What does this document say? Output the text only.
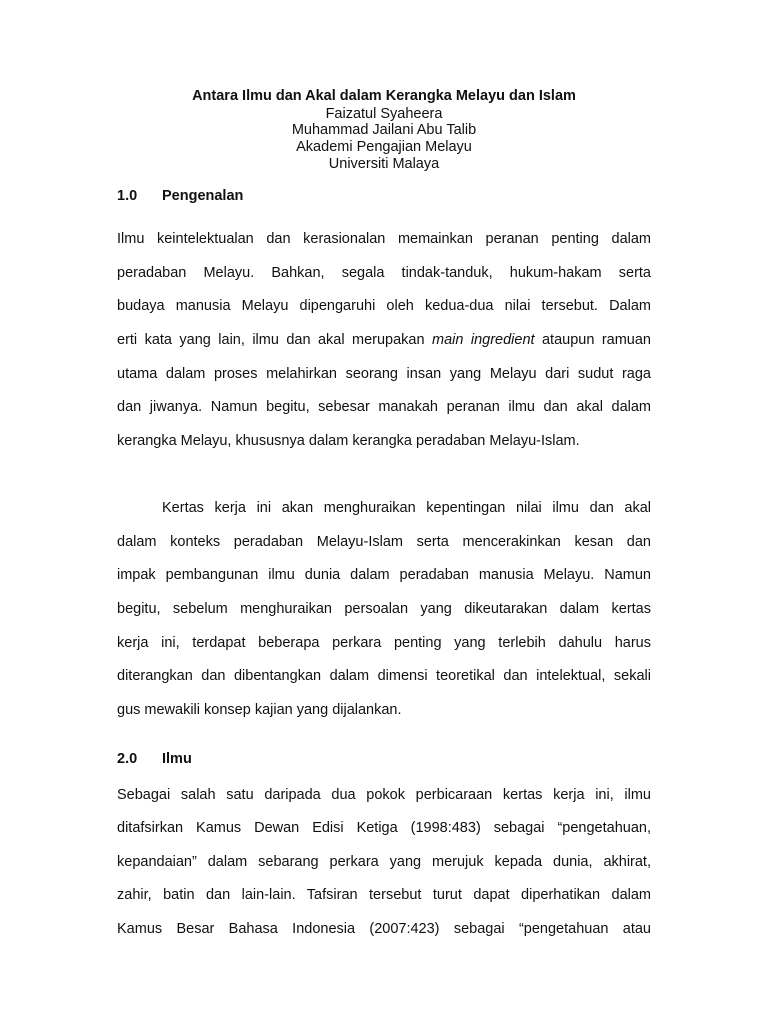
Antara Ilmu dan Akal dalam Kerangka Melayu dan Islam
Faizatul Syaheera
Muhammad Jailani Abu Talib
Akademi Pengajian Melayu
Universiti Malaya
1.0 Pengenalan
Ilmu keintelektualan dan kerasionalan memainkan peranan penting dalam
peradaban Melayu. Bahkan, segala tindak-tanduk, hukum-hakam serta
budaya manusia Melayu dipengaruhi oleh kedua-dua nilai tersebut. Dalam
erti kata yang lain, ilmu dan akal merupakan main ingredient ataupun ramuan
utama dalam proses melahirkan seorang insan yang Melayu dari sudut raga
dan jiwanya. Namun begitu, sebesar manakah peranan ilmu dan akal dalam
kerangka Melayu, khususnya dalam kerangka peradaban Melayu-Islam.
Kertas kerja ini akan menghuraikan kepentingan nilai ilmu dan akal
dalam konteks peradaban Melayu-Islam serta mencerakinkan kesan dan
impak pembangunan ilmu dunia dalam peradaban manusia Melayu. Namun
begitu, sebelum menghuraikan persoalan yang dikeutarakan dalam kertas
kerja ini, terdapat beberapa perkara penting yang terlebih dahulu harus
diterangkan dan dibentangkan dalam dimensi teoretikal dan intelektual, sekali
gus mewakili konsep kajian yang dijalankan.
2.0 Ilmu
Sebagai salah satu daripada dua pokok perbicaraan kertas kerja ini, ilmu
ditafsirkan Kamus Dewan Edisi Ketiga (1998:483) sebagai “pengetahuan,
kepandaian” dalam sebarang perkara yang merujuk kepada dunia, akhirat,
zahir, batin dan lain-lain. Tafsiran tersebut turut dapat diperhatikan dalam
Kamus Besar Bahasa Indonesia (2007:423) sebagai “pengetahuan atau
